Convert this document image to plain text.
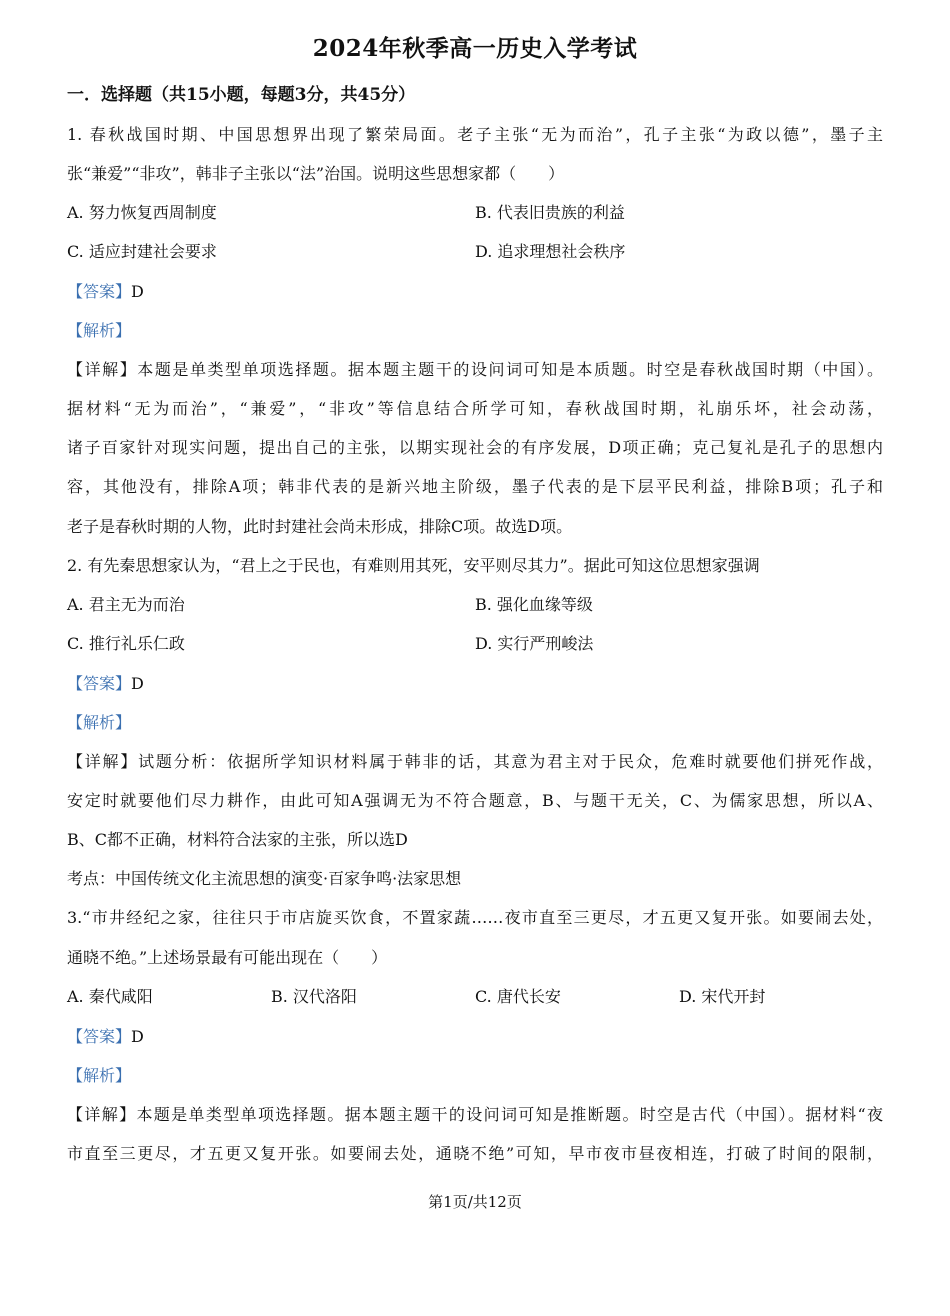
2024年秋季高一历史入学考试
一．选择题（共15小题，每题3分，共45分）
1. 春秋战国时期、中国思想界出现了繁荣局面。老子主张“无为而治”，孔子主张“为政以德”，墨子主
张“兼爱”“非攻”，韩非子主张以“法”治国。说明这些思想家都（　　）
A. 努力恢复西周制度	B. 代表旧贵族的利益
C. 适应封建社会要求	D. 追求理想社会秩序
【答案】D
【解析】
【详解】本题是单类型单项选择题。据本题主题干的设问词可知是本质题。时空是春秋战国时期（中国）。
据材料“无为而治”，“兼爱”，“非攻”等信息结合所学可知，春秋战国时期，礼崩乐坏，社会动荡，
诸子百家针对现实问题，提出自己的主张，以期实现社会的有序发展，D项正确；克己复礼是孔子的思想内
容，其他没有，排除A项；韩非代表的是新兴地主阶级，墨子代表的是下层平民利益，排除B项；孔子和
老子是春秋时期的人物，此时封建社会尚未形成，排除C项。故选D项。
2. 有先秦思想家认为，“君上之于民也，有难则用其死，安平则尽其力”。据此可知这位思想家强调
A. 君主无为而治	B. 强化血缘等级
C. 推行礼乐仁政	D. 实行严刑峻法
【答案】D
【解析】
【详解】试题分析：依据所学知识材料属于韩非的话，其意为君主对于民众，危难时就要他们拼死作战，
安定时就要他们尽力耕作，由此可知A强调无为不符合题意，B、与题干无关，C、为儒家思想，所以A、
B、C都不正确，材料符合法家的主张，所以选D
考点：中国传统文化主流思想的演变·百家争鸣·法家思想
3.“市井经纪之家，往往只于市店旋买饮食，不置家蔬……夜市直至三更尽，才五更又复开张。如要闹去处，
通晓不绝。”上述场景最有可能出现在（　　）
A. 秦代咸阳	B. 汉代洛阳	C. 唐代长安	D. 宋代开封
【答案】D
【解析】
【详解】本题是单类型单项选择题。据本题主题干的设问词可知是推断题。时空是古代（中国）。据材料“夜
市直至三更尽，才五更又复开张。如要闹去处，通晓不绝”可知，早市夜市昼夜相连，打破了时间的限制，
第1页/共12页
